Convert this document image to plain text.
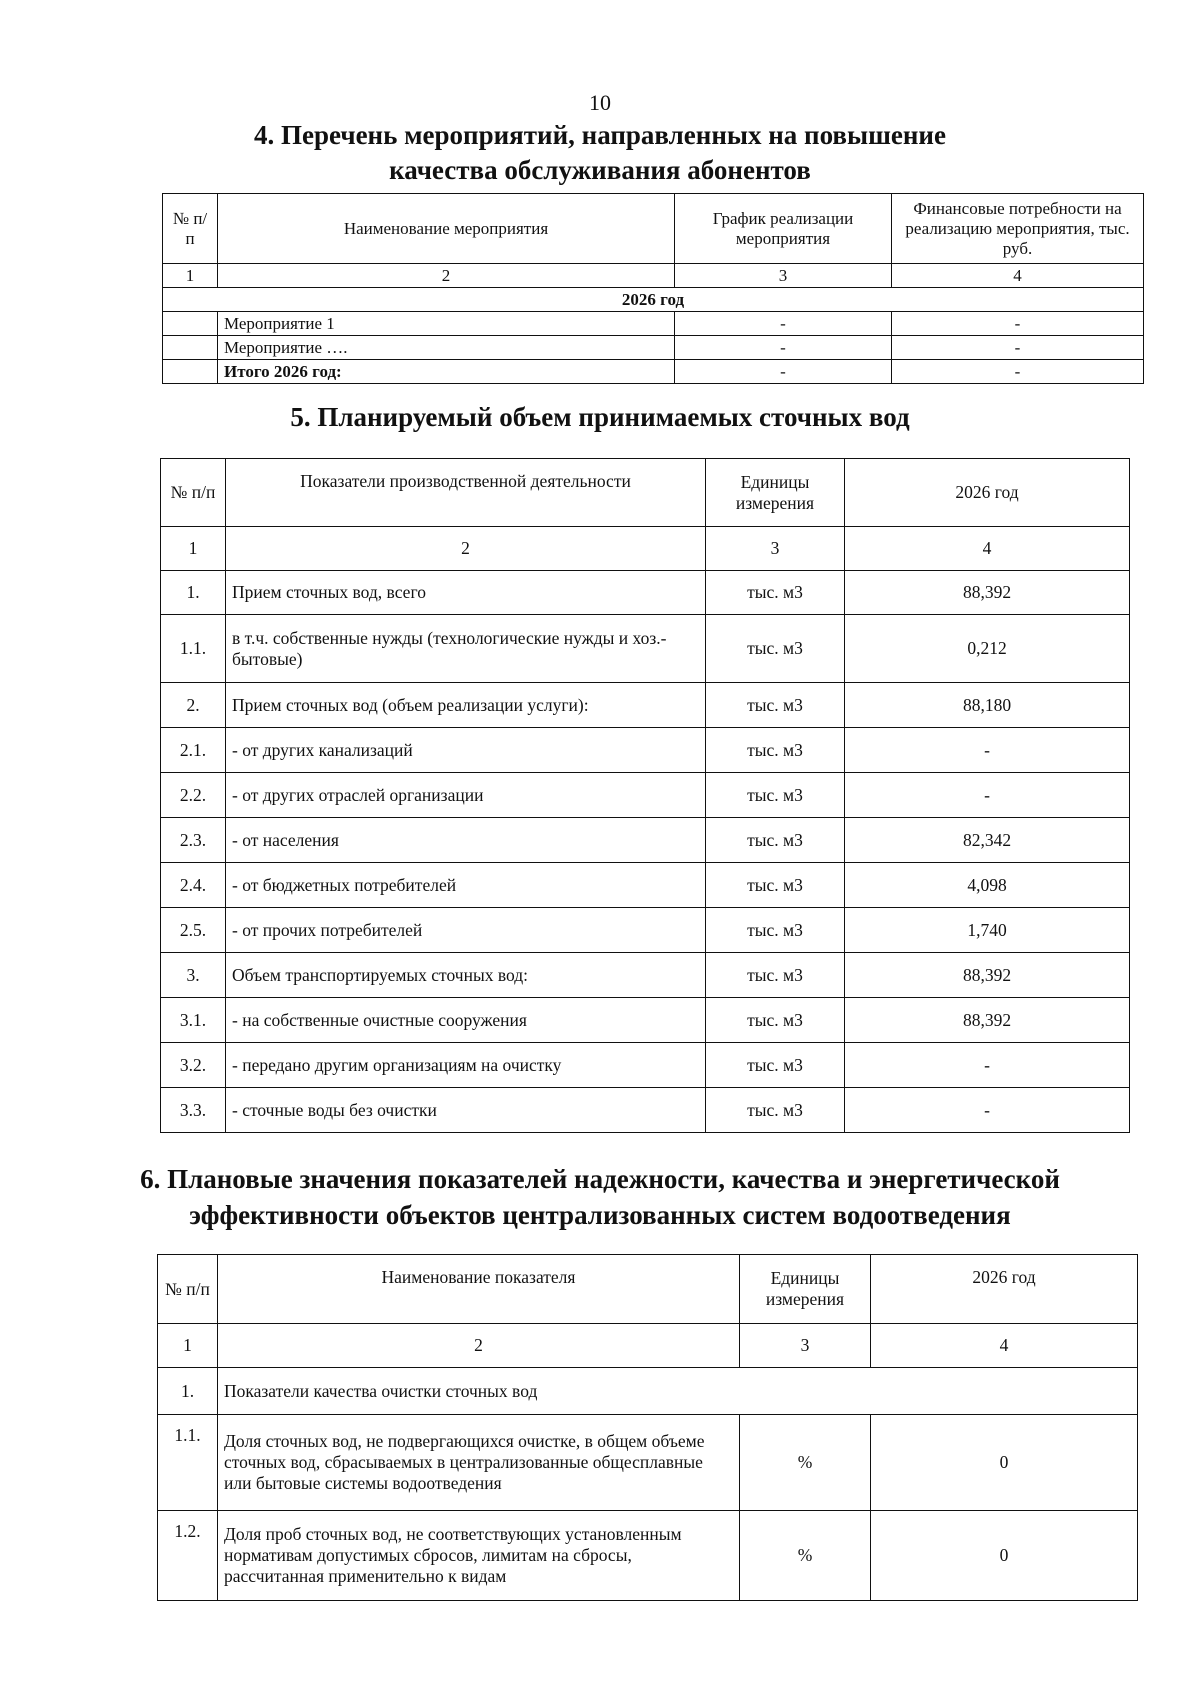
10
4. Перечень мероприятий, направленных на повышение
качества обслуживания абонентов
№ п/п	Наименование мероприятия	График реализации мероприятия	Финансовые потребности на реализацию мероприятия, тыс. руб.
1	2	3	4
2026 год			
	Мероприятие 1	-	-
	Мероприятие ….	-	-
	Итого 2026 год:	-	-
5. Планируемый объем принимаемых сточных вод
№ п/п	Показатели производственной деятельности	Единицы измерения	2026 год
1	2	3	4
1.	Прием сточных вод, всего	тыс. м3	88,392
1.1.	в т.ч. собственные нужды (технологические нужды и хоз.-бытовые)	тыс. м3	0,212
2.	Прием сточных вод (объем реализации услуги):	тыс. м3	88,180
2.1.	- от других канализаций	тыс. м3	-
2.2.	- от других отраслей организации	тыс. м3	-
2.3.	- от населения	тыс. м3	82,342
2.4.	- от бюджетных потребителей	тыс. м3	4,098
2.5.	- от прочих потребителей	тыс. м3	1,740
3.	Объем транспортируемых сточных вод:	тыс. м3	88,392
3.1.	- на собственные очистные сооружения	тыс. м3	88,392
3.2.	- передано другим организациям на очистку	тыс. м3	-
3.3.	- сточные воды без очистки	тыс. м3	-
6. Плановые значения показателей надежности, качества и энергетической
эффективности объектов централизованных систем водоотведения
№ п/п	Наименование показателя	Единицы измерения	2026 год
1	2	3	4
1.	Показатели качества очистки сточных вод		
1.1.	Доля сточных вод, не подвергающихся очистке, в общем объеме сточных вод, сбрасываемых в централизованные общесплавные или бытовые системы водоотведения	%	0
1.2.	Доля проб сточных вод, не соответствующих установленным нормативам допустимых сбросов, лимитам на сбросы, рассчитанная применительно к видам	%	0
